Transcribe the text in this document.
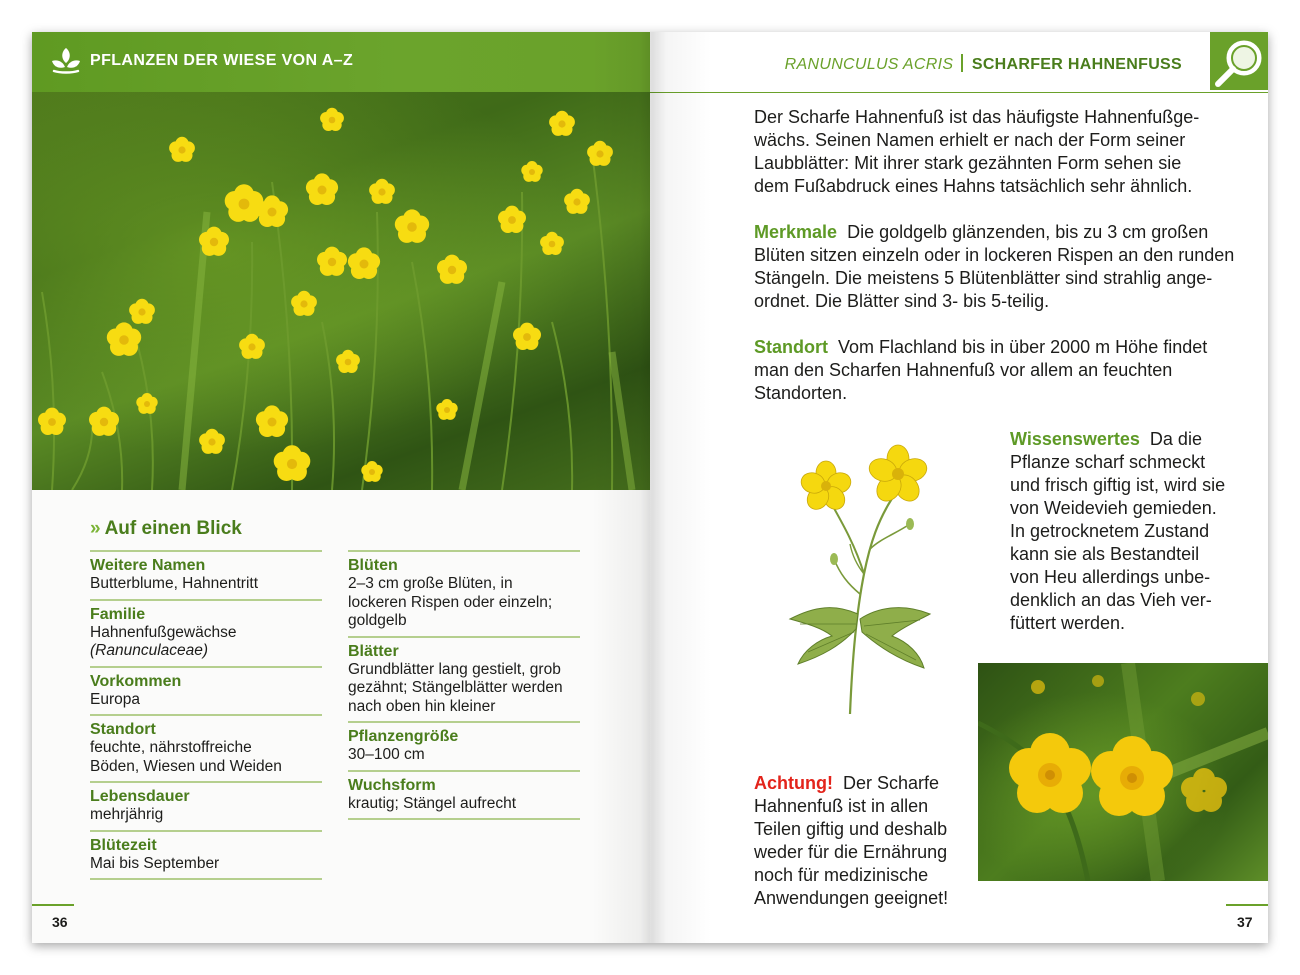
PFLANZEN DER WIESE VON A–Z
» Auf einen Blick
Weitere Namen
Butterblume, Hahnentritt
Familie
Hahnenfußgewächse
(Ranunculaceae)
Vorkommen
Europa
Standort
feuchte, nährstoffreiche
Böden, Wiesen und Weiden
Lebensdauer
mehrjährig
Blütezeit
Mai bis September
Blüten
2–3 cm große Blüten, in
lockeren Rispen oder einzeln;
goldgelb
Blätter
Grundblätter lang gestielt, grob
gezähnt; Stängelblätter werden
nach oben hin kleiner
Pflanzengröße
30–100 cm
Wuchsform
krautig; Stängel aufrecht
36
RANUNCULUS ACRIS SCHARFER HAHNENFUSS
Der Scharfe Hahnenfuß ist das häufigste Hahnenfußge-
wächs. Seinen Namen erhielt er nach der Form seiner
Laubblätter: Mit ihrer stark gezähnten Form sehen sie
dem Fußabdruck eines Hahns tatsächlich sehr ähnlich.
Merkmale Die goldgelb glänzenden, bis zu 3 cm großen
Blüten sitzen einzeln oder in lockeren Rispen an den runden
Stängeln. Die meistens 5 Blütenblätter sind strahlig ange-
ordnet. Die Blätter sind 3- bis 5-teilig.
Standort Vom Flachland bis in über 2000 m Höhe findet
man den Scharfen Hahnenfuß vor allem an feuchten
Standorten.
Wissenswertes Da die
Pflanze scharf schmeckt
und frisch giftig ist, wird sie
von Weidevieh gemieden.
In getrocknetem Zustand
kann sie als Bestandteil
von Heu allerdings unbe-
denklich an das Vieh ver-
füttert werden.
Achtung! Der Scharfe
Hahnenfuß ist in allen
Teilen giftig und deshalb
weder für die Ernährung
noch für medizinische
Anwendungen geeignet!
37
